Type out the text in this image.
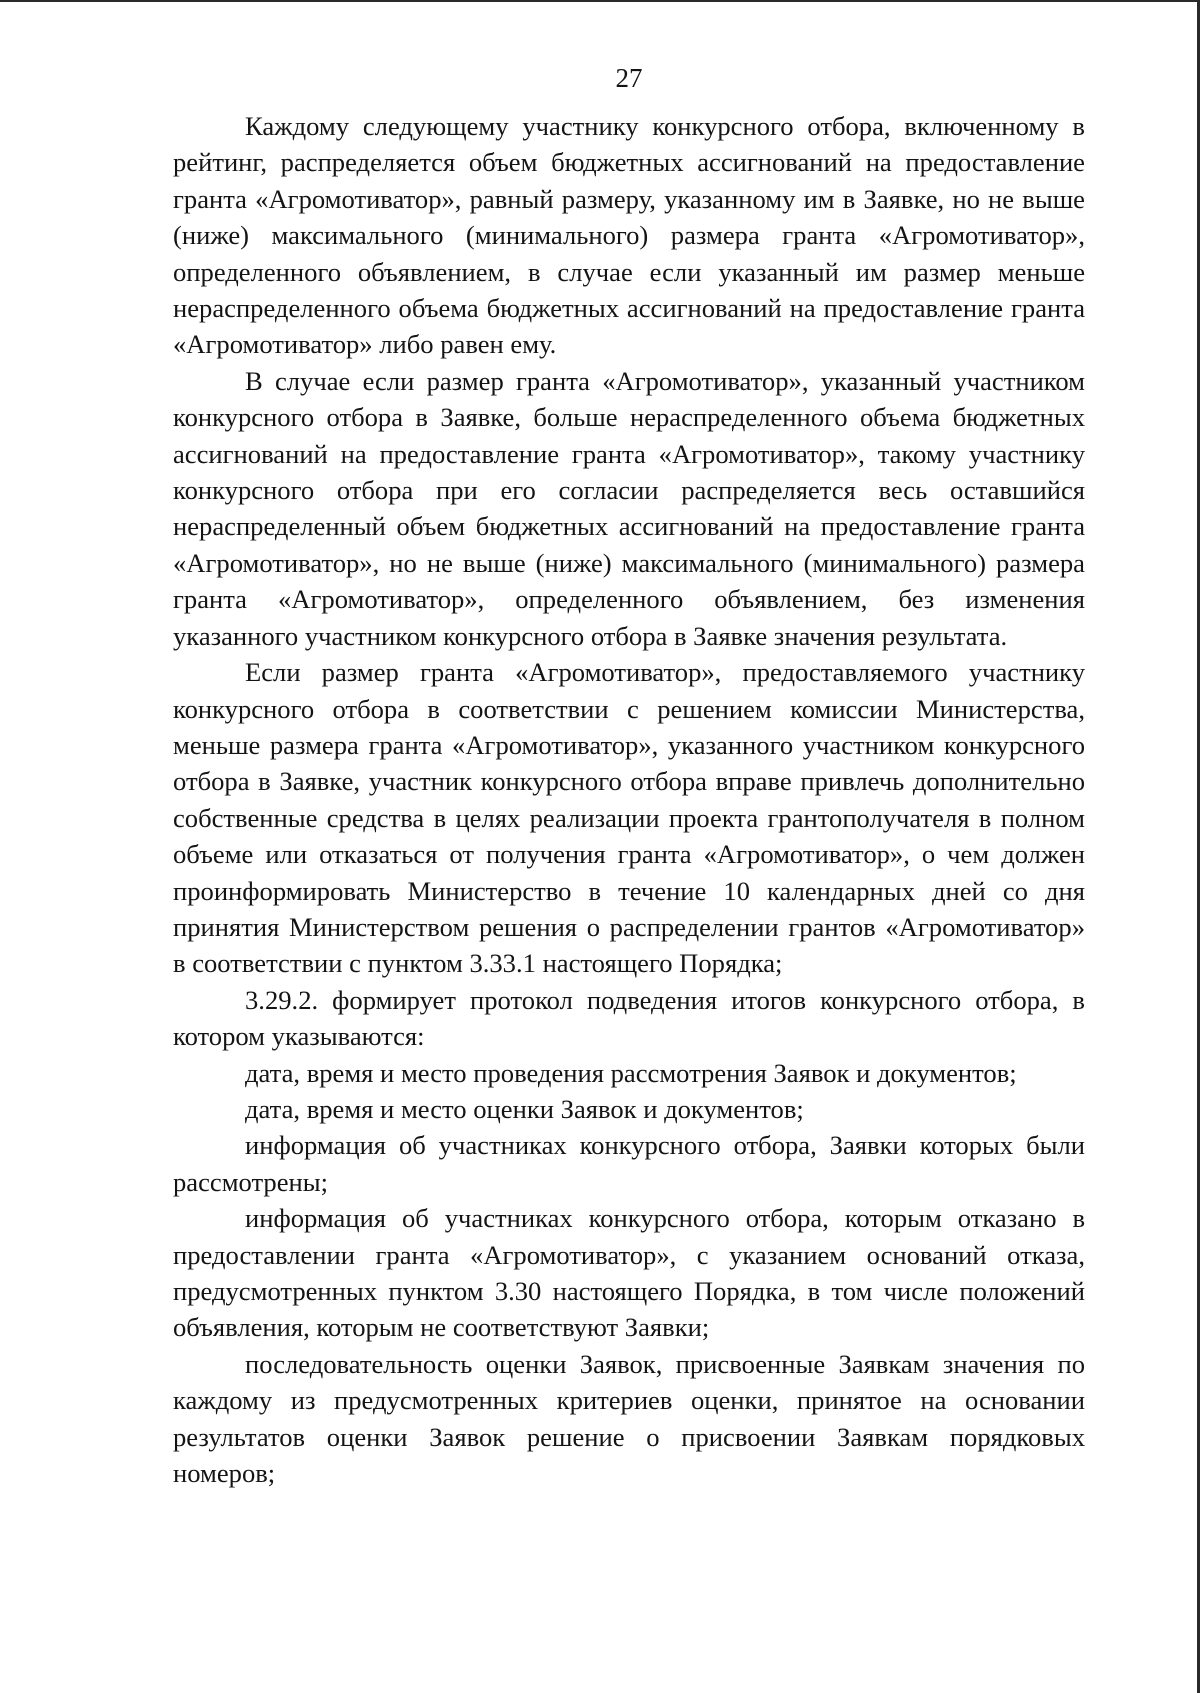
27

Каждому следующему участнику конкурсного отбора, включенному в рейтинг, распределяется объем бюджетных ассигнований на предоставление гранта «Агромотиватор», равный размеру, указанному им в Заявке, но не выше (ниже) максимального (минимального) размера гранта «Агромотиватор», определенного объявлением, в случае если указанный им размер меньше нераспределенного объема бюджетных ассигнований на предоставление гранта «Агромотиватор» либо равен ему.

В случае если размер гранта «Агромотиватор», указанный участником конкурсного отбора в Заявке, больше нераспределенного объема бюджетных ассигнований на предоставление гранта «Агромотиватор», такому участнику конкурсного отбора при его согласии распределяется весь оставшийся нераспределенный объем бюджетных ассигнований на предоставление гранта «Агромотиватор», но не выше (ниже) максимального (минимального) размера гранта «Агромотиватор», определенного объявлением, без изменения указанного участником конкурсного отбора в Заявке значения результата.

Если размер гранта «Агромотиватор», предоставляемого участнику конкурсного отбора в соответствии с решением комиссии Министерства, меньше размера гранта «Агромотиватор», указанного участником конкурсного отбора в Заявке, участник конкурсного отбора вправе привлечь дополнительно собственные средства в целях реализации проекта грантополучателя в полном объеме или отказаться от получения гранта «Агромотиватор», о чем должен проинформировать Министерство в течение 10 календарных дней со дня принятия Министерством решения о распределении грантов «Агромотиватор» в соответствии с пунктом 3.33.1 настоящего Порядка;

3.29.2. формирует протокол подведения итогов конкурсного отбора, в котором указываются:

дата, время и место проведения рассмотрения Заявок и документов;

дата, время и место оценки Заявок и документов;

информация об участниках конкурсного отбора, Заявки которых были рассмотрены;

информация об участниках конкурсного отбора, которым отказано в предоставлении гранта «Агромотиватор», с указанием оснований отказа, предусмотренных пунктом 3.30 настоящего Порядка, в том числе положений объявления, которым не соответствуют Заявки;

последовательность оценки Заявок, присвоенные Заявкам значения по каждому из предусмотренных критериев оценки, принятое на основании результатов оценки Заявок решение о присвоении Заявкам порядковых номеров;
